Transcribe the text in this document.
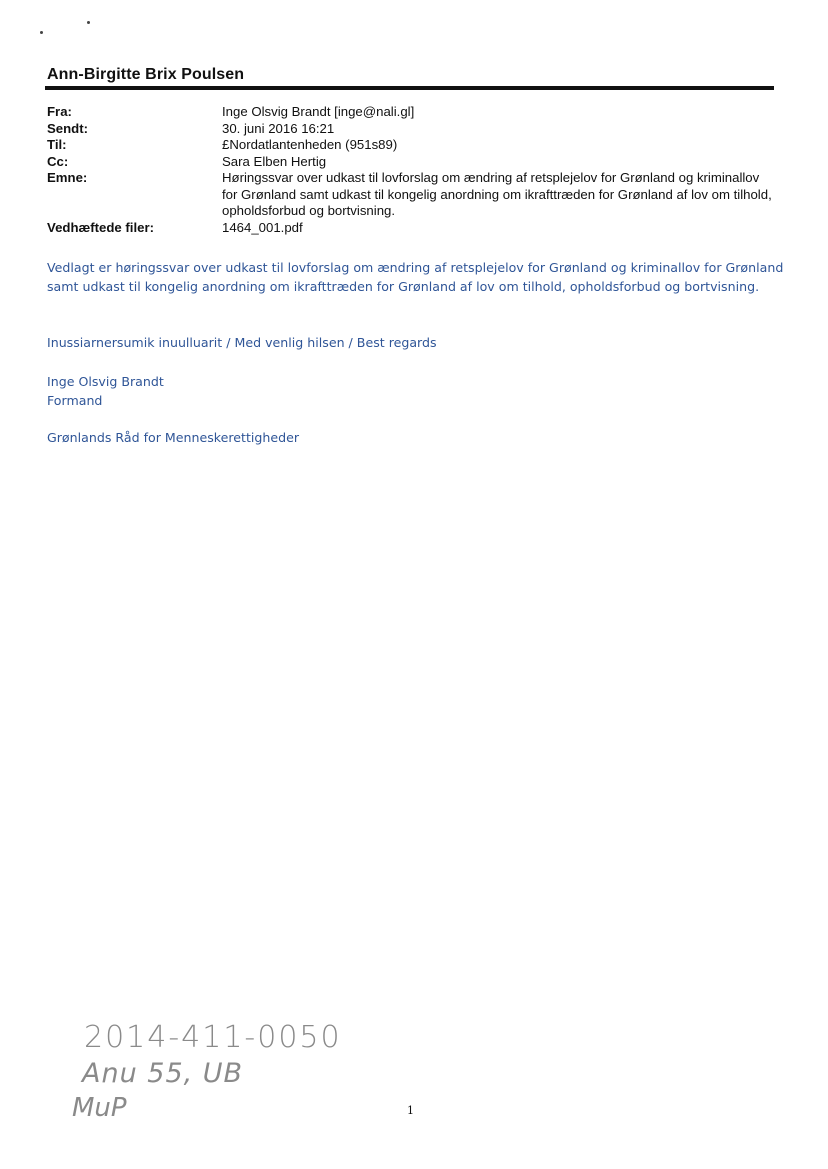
Ann-Birgitte Brix Poulsen
Fra:	Inge Olsvig Brandt [inge@nali.gl]
Sendt:	30. juni 2016 16:21
Til:	£Nordatlantenheden (951s89)
Cc:	Sara Elben Hertig
Emne:	Høringssvar over udkast til lovforslag om ændring af retsplejelov for Grønland og kriminallov for Grønland samt udkast til kongelig anordning om ikrafttræden for Grønland af lov om tilhold, opholdsforbud og bortvisning.
Vedhæftede filer:	1464_001.pdf
Vedlagt er høringssvar over udkast til lovforslag om ændring af retsplejelov for Grønland og kriminallov for Grønland samt udkast til kongelig anordning om ikrafttræden for Grønland af lov om tilhold, opholdsforbud og bortvisning.
Inussiarnersumik inuulluarit / Med venlig hilsen / Best regards
Inge Olsvig Brandt
Formand
Grønlands Råd for Menneskerettigheder
2014-411-0050
Anu 55, UB
MuP	1
